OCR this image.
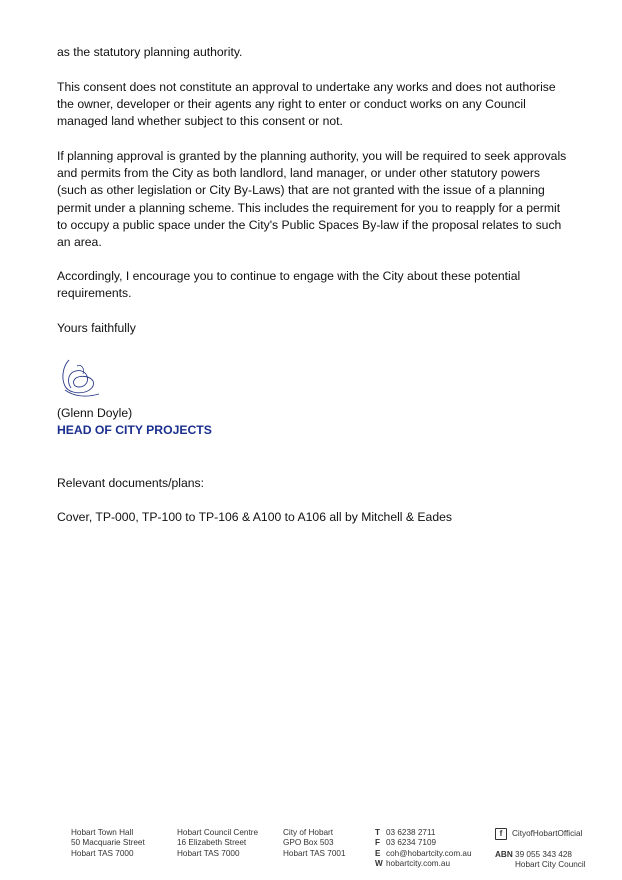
as the statutory planning authority.

This consent does not constitute an approval to undertake any works and does not authorise the owner, developer or their agents any right to enter or conduct works on any Council managed land whether subject to this consent or not.

If planning approval is granted by the planning authority, you will be required to seek approvals and permits from the City as both landlord, land manager, or under other statutory powers (such as other legislation or City By-Laws) that are not granted with the issue of a planning permit under a planning scheme. This includes the requirement for you to reapply for a permit to occupy a public space under the City's Public Spaces By-law if the proposal relates to such an area.

Accordingly, I encourage you to continue to engage with the City about these potential requirements.

Yours faithfully

(Glenn Doyle)
HEAD OF CITY PROJECTS
Relevant documents/plans:
Cover, TP-000, TP-100 to TP-106 & A100 to A106 all by Mitchell & Eades
Hobart Town Hall
50 Macquarie Street
Hobart TAS 7000
Hobart Council Centre
16 Elizabeth Street
Hobart TAS 7000
City of Hobart
GPO Box 503
Hobart TAS 7001
T 03 6238 2711
F 03 6234 7109
E coh@hobartcity.com.au
W hobartcity.com.au
f	CityofHobartOfficial
ABN 39 055 343 428
Hobart City Council
